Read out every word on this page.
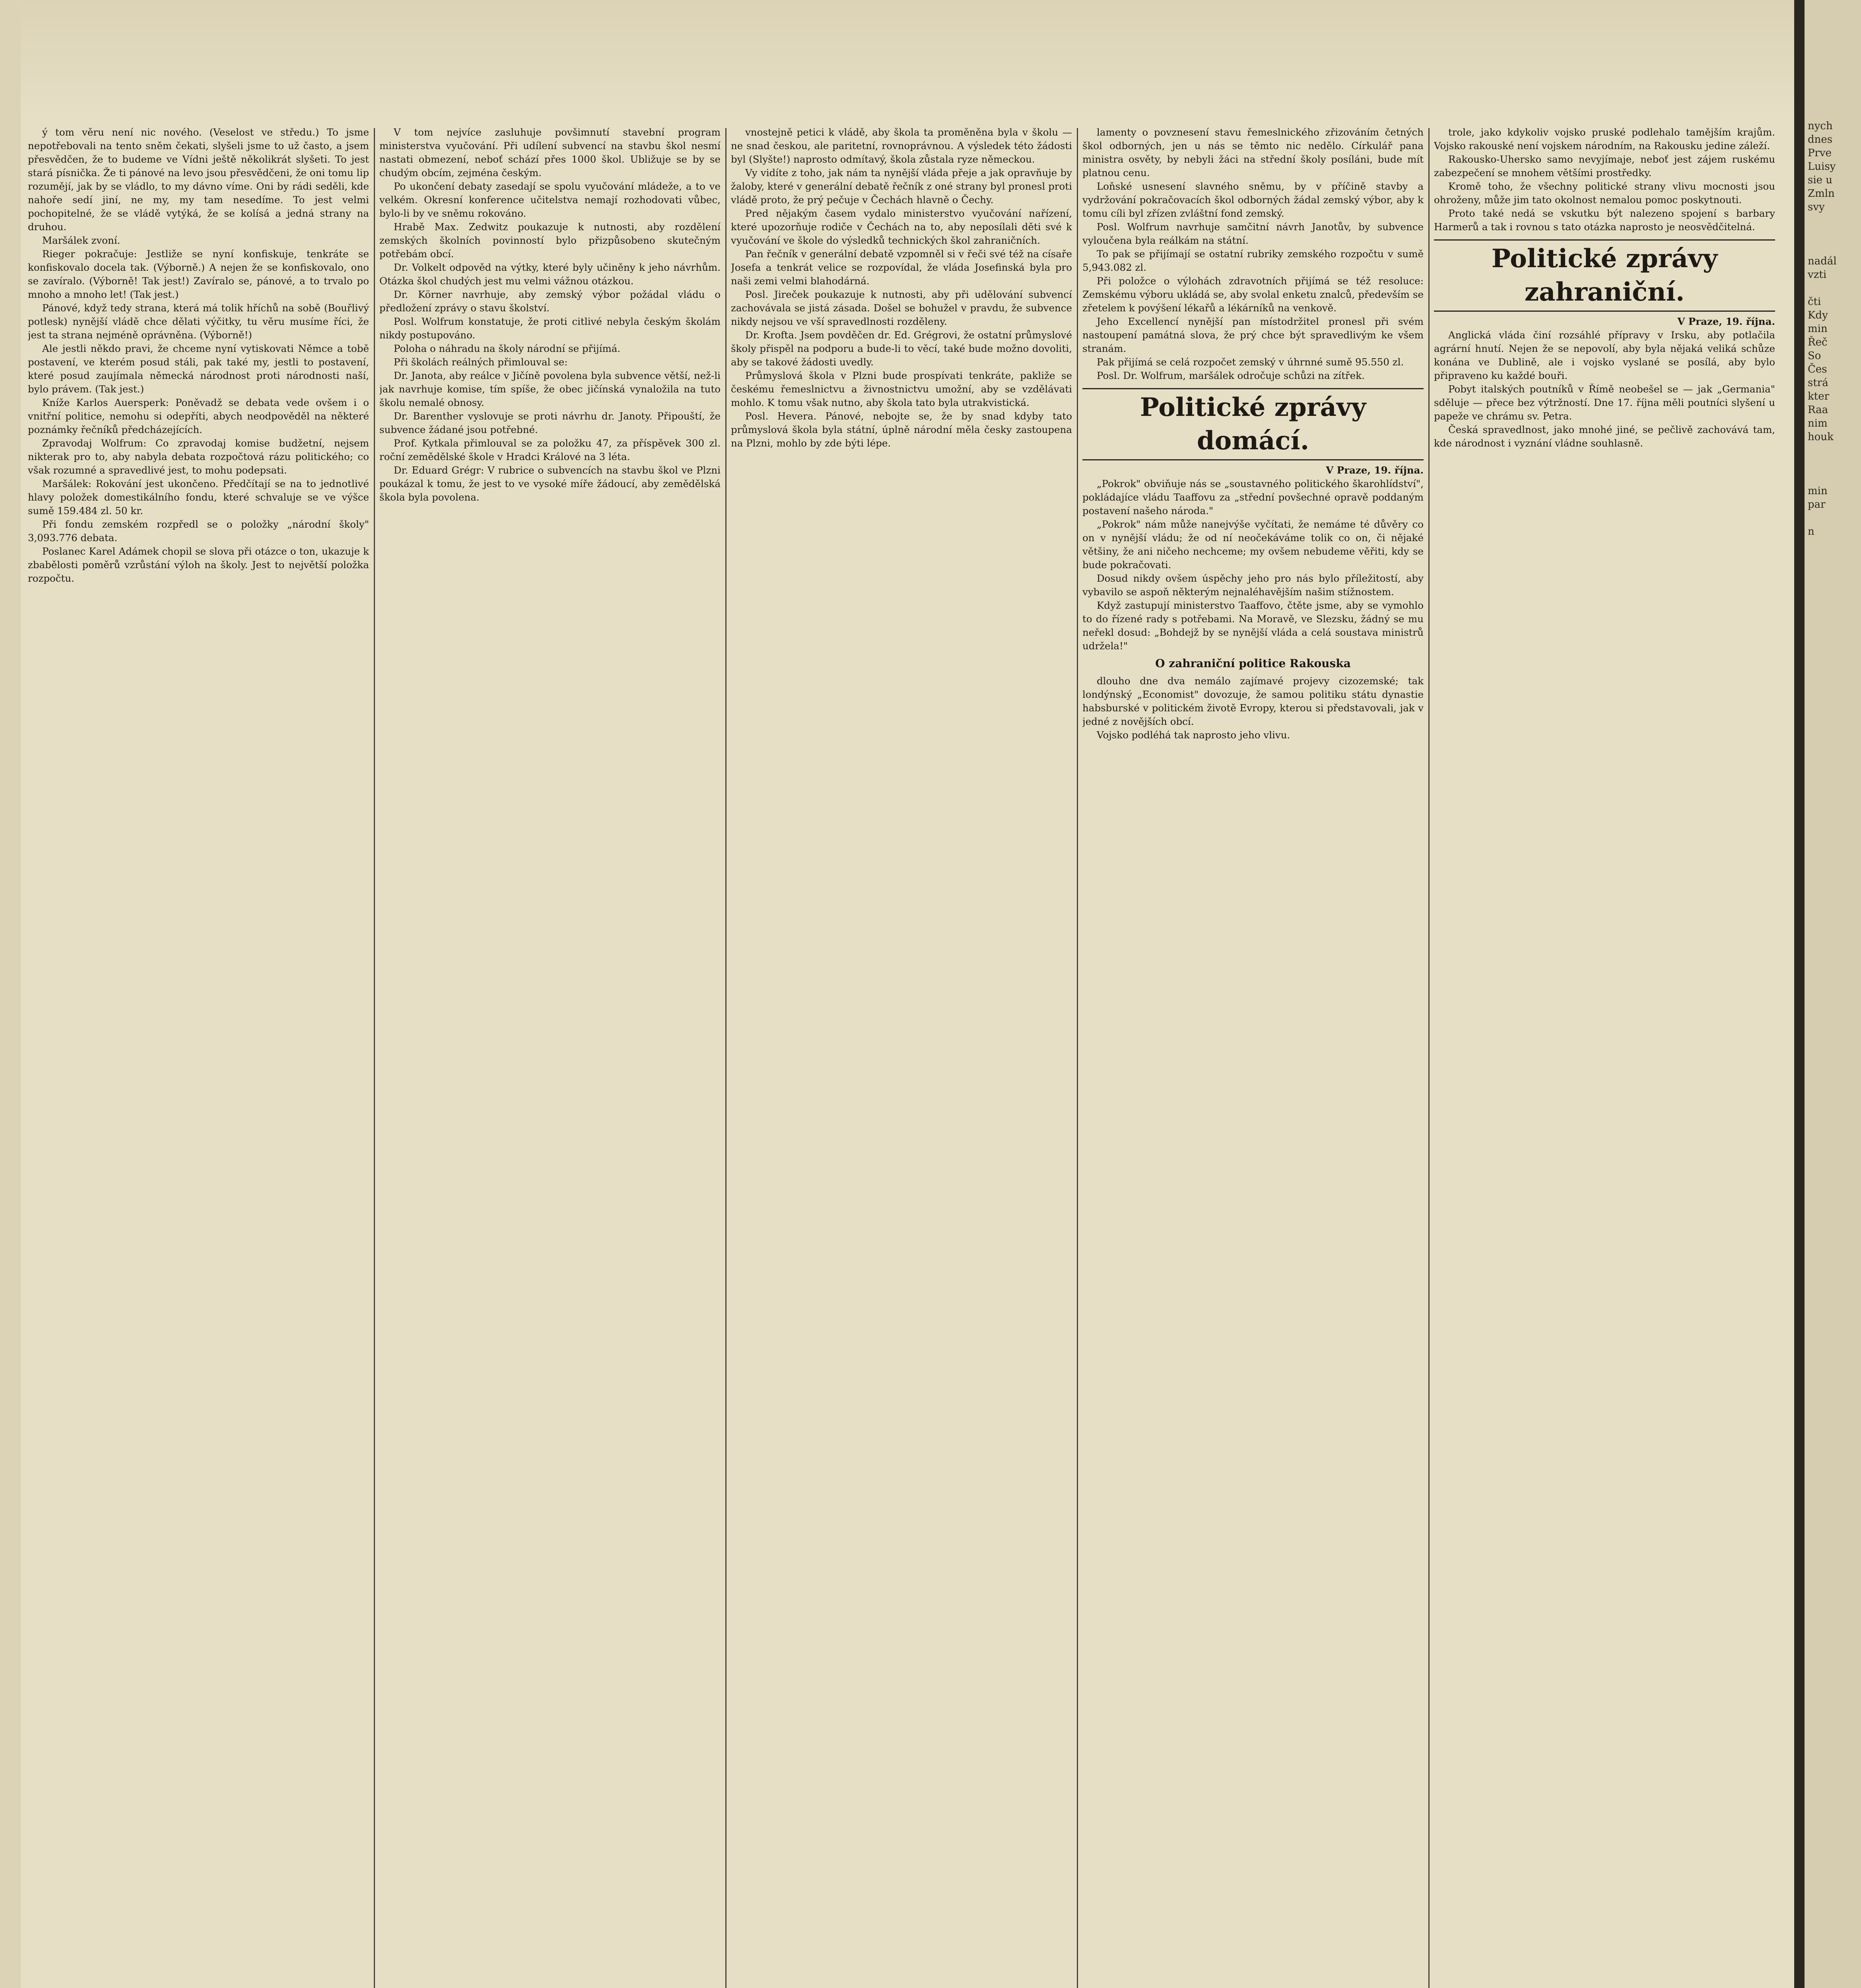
ý tom věru není nic nového. (Veselost ve středu.) To jsme nepotřebovali na tento sněm čekati, slyšeli jsme to už často, a jsem přesvědčen, že to budeme ve Vídni ještě několikrát slyšeti. To jest stará písnička. Že ti pánové na levo jsou přesvědčeni, že oni tomu lip rozumějí, jak by se vládlo, to my dávno víme. Oni by rádi seděli, kde nahoře sedí jiní, ne my, my tam nesedíme. To jest velmi pochopitelné, že se vládě vytýká, že se kolísá a jedná strany na druhou.

Maršálek zvoní.

Rieger pokračuje: Jestliže se nyní konfiskuje, tenkráte se konfiskovalo docela tak. (Výborně.) A nejen že se konfiskovalo, ono se zavíralo. (Výborně! Tak jest!) Zavíralo se, pánové, a to trvalo po mnoho a mnoho let! (Tak jest.)

Pánové, když tedy strana, která má tolik hříchů na sobě (Bouřlivý potlesk) nynější vládě chce dělati výčitky, tu věru musíme říci, že jest ta strana nejméně oprávněna. (Výborně!)

Ale jestli někdo pravi, že chceme nyní vytiskovati Němce a tobě postavení, ve kterém posud stáli, pak také my, jestli to postavení, které posud zaujímala německá národnost proti národnosti naší, bylo právem. (Tak jest.)

Kníže Karlos Auersperk: Poněvadž se debata vede ovšem i o vnitřní politice, nemohu si odepříti, abych neodpověděl na některé poznámky řečníků předcházejících.

Zpravodaj Wolfrum: Co zpravodaj komise budžetní, nejsem nikterak pro to, aby nabyla debata rozpočtová rázu politického; co však rozumné a spravedlivé jest, to mohu podepsati.

Maršálek: Rokování jest ukončeno. Předčítají se na to jednotlivé hlavy položek domestikálního fondu, které schvaluje se ve výšce sumě 159.484 zl. 50 kr.

Při fondu zemském rozpředl se o položky „národní školy" 3,093.776 debata.

Poslanec Karel Adámek chopil se slova při otázce o ton, ukazuje k zbabělosti poměrů vzrůstání výloh na školy. Jest to největší položka rozpočtu.

V tom nejvíce zasluhuje povšimnutí stavební program ministerstva vyučování. Při udílení subvencí na stavbu škol nesmí nastati obmezení, neboť schází přes 1000 škol. Ubližuje se by se chudým obcím, zejména českým.

Po ukončení debaty zasedají se spolu vyučování mládeže, a to ve velkém. Okresní konference učitelstva nemají rozhodovati vůbec, bylo-li by ve sněmu rokováno.

Hrabě Max. Zedwitz poukazuje k nutnosti, aby rozdělení zemských školních povinností bylo přizpůsobeno skutečným potřebám obcí.

Dr. Volkelt odpověd na výtky, které byly učiněny k jeho návrhům. Otázka škol chudých jest mu velmi vážnou otázkou.

Dr. Körner navrhuje, aby zemský výbor požádal vládu o předložení zprávy o stavu školství.

Posl. Wolfrum konstatuje, že proti citlivé nebyla českým školám nikdy postupováno.

Poloha o náhradu na školy národní se přijímá.

Při školách reálných přimlouval se:

Dr. Janota, aby reálce v Jičíně povolena byla subvence větší, než-li jak navrhuje komise, tím spíše, že obec jičínská vynaložila na tuto školu nemalé obnosy.

Dr. Barenther vyslovuje se proti návrhu dr. Janoty. Připouští, že subvence žádané jsou potřebné.

Prof. Kytkala přimlouval se za položku 47, za příspěvek 300 zl. roční zemědělské škole v Hradci Králové na 3 léta.

Dr. Eduard Grégr: V rubrice o subvencích na stavbu škol ve Plzni poukázal k tomu, že jest to ve vysoké míře žádoucí, aby zemědělská škola byla povolena.

vnostejně petici k vládě, aby škola ta proměněna byla v školu — ne snad českou, ale paritetní, rovnoprávnou. A výsledek této žádosti byl (Slyšte!) naprosto odmítavý, škola zůstala ryze německou.

Vy vidíte z toho, jak nám ta nynější vláda přeje a jak opravňuje by žaloby, které v generální debatě řečník z oné strany byl pronesl proti vládě proto, že prý pečuje v Čechách hlavně o Čechy.

Pred nějakým časem vydalo ministerstvo vyučování nařízení, které upozorňuje rodiče v Čechách na to, aby neposílali děti své k vyučování ve škole do výsledků technických škol zahraničních.

Pan řečník v generální debatě vzpomněl si v řeči své též na císaře Josefa a tenkrát velice se rozpovídal, že vláda Josefinská byla pro naši zemi velmi blahodárná.

Posl. Jireček poukazuje k nutnosti, aby při udělování subvencí zachovávala se jistá zásada. Došel se bohužel v pravdu, že subvence nikdy nejsou ve vší spravedlnosti rozděleny.

Dr. Krofta. Jsem povděčen dr. Ed. Grégrovi, že ostatní průmyslové školy přispěl na podporu a bude-li to věcí, také bude možno dovoliti, aby se takové žádosti uvedly.

Průmyslová škola v Plzni bude prospívati tenkráte, pakliže se českému řemeslnictvu a živnostnictvu umožní, aby se vzdělávati mohlo. K tomu však nutno, aby škola tato byla utrakvistická.

Posl. Hevera. Pánové, nebojte se, že by snad kdyby tato průmyslová škola byla státní, úplně národní měla česky zastoupena na Plzni, mohlo by zde býti lépe.

lamenty o povznesení stavu řemeslnického zřizováním četných škol odborných, jen u nás se těmto nic nedělo. Církulář pana ministra osvěty, by nebyli žáci na střední školy posíláni, bude mít platnou cenu.

Loňské usnesení slavného sněmu, by v příčině stavby a vydržování pokračovacích škol odborných žádal zemský výbor, aby k tomu cíli byl zřízen zvláštní fond zemský.

Posl. Wolfrum navrhuje samčitní návrh Janotův, by subvence vyloučena byla reálkám na státní.

To pak se přijímají se ostatní rubriky zemského rozpočtu v sumě 5,943.082 zl.

Při položce o výlohách zdravotních přijímá se též resoluce: Zemskému výboru ukládá se, aby svolal enketu znalců, především se zřetelem k povýšení lékařů a lékárníků na venkově.

Jeho Excellencí nynější pan místodržitel pronesl při svém nastoupení památná slova, že prý chce být spravedlivým ke všem stranám.

Pak přijímá se celá rozpočet zemský v úhrnné sumě 95.550 zl.

Posl. Dr. Wolfrum, maršálek odročuje schůzi na zítřek.

Politické zprávy domácí.

V Praze, 19. října.

„Pokrok" obviňuje nás se „soustavného politického škarohlídství", pokládajíce vládu Taaffovu za „střední povšechné opravě poddaným postavení našeho národa."

„Pokrok" nám může nanejvýše vyčítati, že nemáme té důvěry co on v nynější vládu; že od ní neočekáváme tolik co on, či nějaké většiny, že ani ničeho nechceme; my ovšem nebudeme věřiti, kdy se bude pokračovati.

Dosud nikdy ovšem úspěchy jeho pro nás bylo příležitostí, aby vybavilo se aspoň některým nejnaléhavějším našim stížnostem.

Když zastupují ministerstvo Taaffovo, čtěte jsme, aby se vymohlo to do řízené rady s potřebami. Na Moravě, ve Slezsku, žádný se mu neřekl dosud: „Bohdejž by se nynější vláda a celá soustava ministrů udržela!"

O zahraniční politice Rakouska

dlouho dne dva nemálo zajímavé projevy cizozemské; tak londýnský „Economist" dovozuje, že samou politiku státu dynastie habsburské v politickém životě Evropy, kterou si představovali, jak v jedné z novějších obcí.

Vojsko podléhá tak naprosto jeho vlivu.

trole, jako kdykoliv vojsko pruské podlehalo tamějším krajům. Vojsko rakouské není vojskem národním, na Rakousku jedine záleží.

Rakousko-Uhersko samo nevyjímaje, neboť jest zájem ruskému zabezpečení se mnohem většími prostředky.

Kromě toho, že všechny politické strany vlivu mocnosti jsou ohroženy, může jim tato okolnost nemalou pomoc poskytnouti.

Proto také nedá se vskutku být nalezeno spojení s barbary Harmerů a tak i rovnou s tato otázka naprosto je neosvědčitelná.

Politické zprávy zahraniční.

V Praze, 19. října.

Anglická vláda činí rozsáhlé přípravy v Irsku, aby potlačila agrární hnutí. Nejen že se nepovolí, aby byla nějaká veliká schůze konána ve Dublině, ale i vojsko vyslané se posílá, aby bylo připraveno ku každé bouři.

Pobyt italských poutníků v Římě neobešel se — jak „Germania" sděluje — přece bez výtržností. Dne 17. října měli poutníci slyšení u papeže ve chrámu sv. Petra.

Česká spravedlnost, jako mnohé jiné, se pečlivě zachovává tam, kde národnost i vyznání vládne souhlasně.

nych
dnes
Prve
Luisy
sie u
Zmln
svy

nadál
vzti

čti
Kdy
min
Řeč
So
Čes
strá
kter
Raa
nim
houk

min
par

n
